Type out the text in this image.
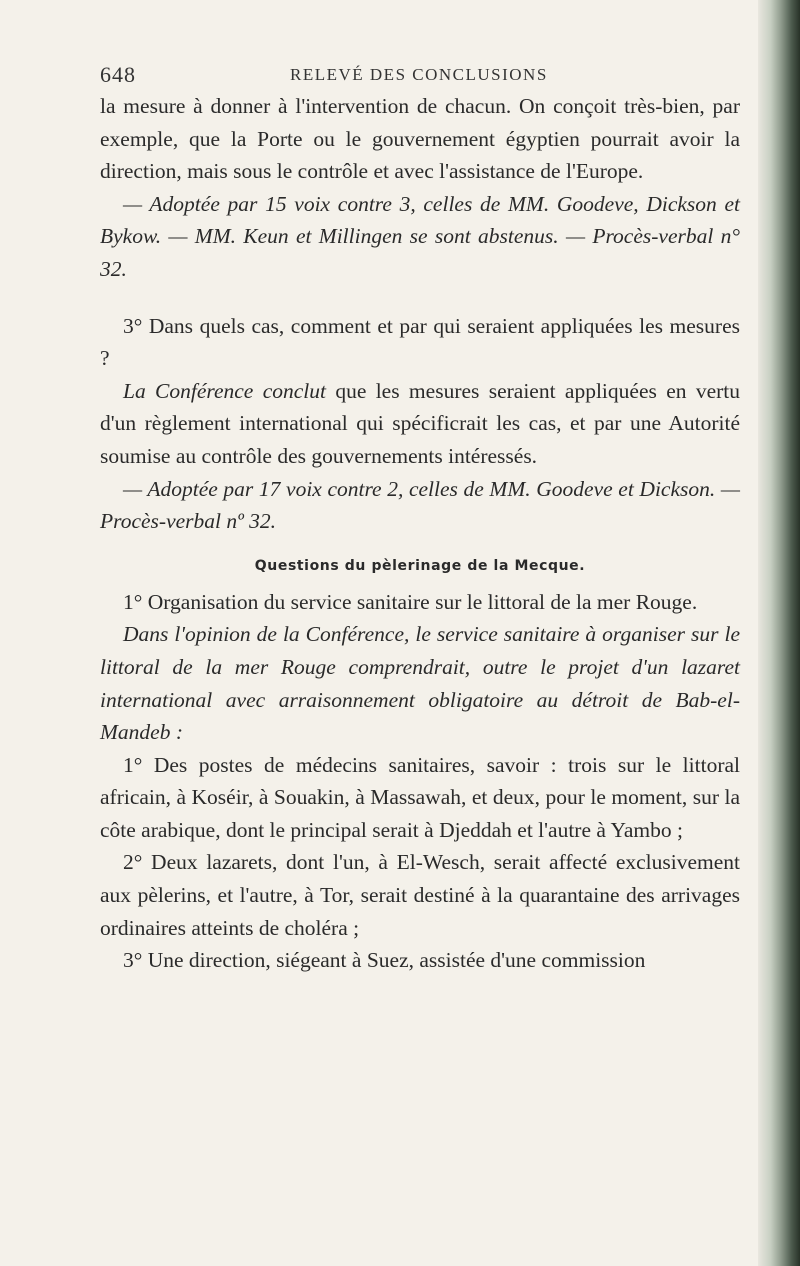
648	RELEVÉ DES CONCLUSIONS

la mesure à donner à l'intervention de chacun. On conçoit très-bien, par exemple, que la Porte ou le gouvernement égyptien pourrait avoir la direction, mais sous le contrôle et avec l'assistance de l'Europe.

— Adoptée par 15 voix contre 3, celles de MM. Goodeve, Dickson et Bykow. — MM. Keun et Millingen se sont abstenus. — Procès-verbal n° 32.

3° Dans quels cas, comment et par qui seraient appliquées les mesures ?

La Conférence conclut que les mesures seraient appliquées en vertu d'un règlement international qui spécificrait les cas, et par une Autorité soumise au contrôle des gouvernements intéressés.

— Adoptée par 17 voix contre 2, celles de MM. Goodeve et Dickson. — Procès-verbal nº 32.

Questions du pèlerinage de la Mecque.

1° Organisation du service sanitaire sur le littoral de la mer Rouge.

Dans l'opinion de la Conférence, le service sanitaire à organiser sur le littoral de la mer Rouge comprendrait, outre le projet d'un lazaret international avec arraisonnement obligatoire au détroit de Bab-el-Mandeb :

1° Des postes de médecins sanitaires, savoir : trois sur le littoral africain, à Koséir, à Souakin, à Massawah, et deux, pour le moment, sur la côte arabique, dont le principal serait à Djeddah et l'autre à Yambo ;

2° Deux lazarets, dont l'un, à El-Wesch, serait affecté exclusivement aux pèlerins, et l'autre, à Tor, serait destiné à la quarantaine des arrivages ordinaires atteints de choléra ;

3° Une direction, siégeant à Suez, assistée d'une commission
